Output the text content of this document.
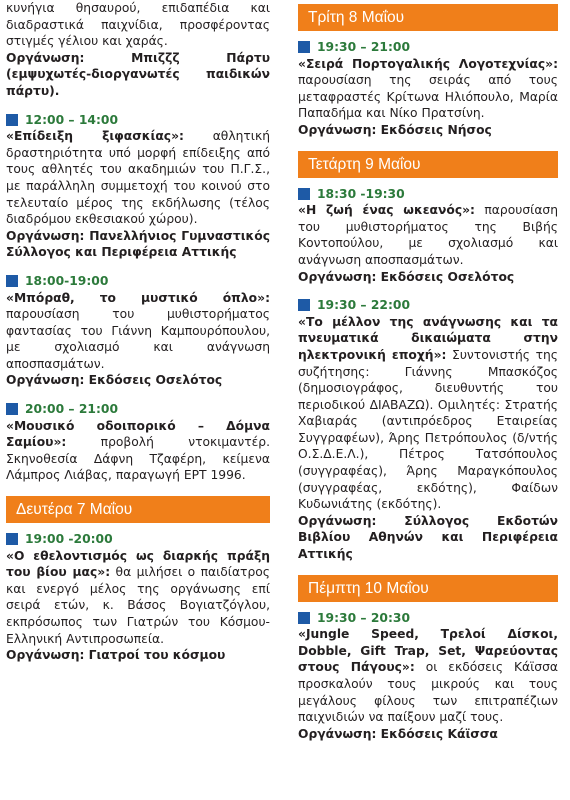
κυνήγια θησαυρού, επιδαπέδια και διαδραστικά παιχνίδια, προσφέροντας στιγμές γέλιου και χαράς.

Οργάνωση: Μπιζζζ Πάρτυ (εμψυχωτές-διοργανωτές παιδικών πάρτυ).

12:00 – 14:00

«Επίδειξη ξιφασκίας»: αθλητική δραστηριότητα υπό μορφή επίδειξης από τους αθλητές του ακαδημιών του Π.Γ.Σ., με παράλληλη συμμετοχή του κοινού στο τελευταίο μέρος της εκδήλωσης (τέλος διαδρόμου εκθεσιακού χώρου).

Οργάνωση: Πανελλήνιος Γυμναστικός Σύλλογος και Περιφέρεια Αττικής

18:00-19:00

«Μπόραθ, το μυστικό όπλο»: παρουσίαση του μυθιστορήματος φαντασίας του Γιάννη Καμπουρόπουλου, με σχολιασμό και ανάγνωση αποσπασμάτων.

Οργάνωση: Εκδόσεις Οσελότος

20:00 – 21:00

«Μουσικό οδοιπορικό – Δόμνα Σαμίου»: προβολή ντοκιμαντέρ. Σκηνοθεσία Δάφνη Τζαφέρη, κείμενα Λάμπρος Λιάβας, παραγωγή ΕΡΤ 1996.

Δευτέρα 7 Μαΐου
19:00 -20:00

«Ο εθελοντισμός ως διαρκής πράξη του βίου μας»: θα μιλήσει ο παιδίατρος και ενεργό μέλος της οργάνωσης επί σειρά ετών, κ. Βάσος Βογιατζόγλου, εκπρόσωπος των Γιατρών του Κόσμου-Ελληνική Αντιπροσωπεία.

Οργάνωση: Γιατροί του κόσμου

Τρίτη 8 Μαΐου
19:30 – 21:00

«Σειρά Πορτογαλικής Λογοτεχνίας»: παρουσίαση της σειράς από τους μεταφραστές Κρίτωνα Ηλιόπουλο, Μαρία Παπαδήμα και Νίκο Πρατσίνη.

Οργάνωση: Εκδόσεις Νήσος

Τετάρτη 9 Μαΐου
18:30 -19:30

«Η ζωή ένας ωκεανός»: παρουσίαση του μυθιστορήματος της Βιβής Κοντοπούλου, με σχολιασμό και ανάγνωση αποσπασμάτων.

Οργάνωση: Εκδόσεις Οσελότος

19:30 – 22:00

«Το μέλλον της ανάγνωσης και τα πνευματικά δικαιώματα στην ηλεκτρονική εποχή»: Συντονιστής της συζήτησης: Γιάννης Μπασκόζος (δημοσιογράφος, διευθυντής του περιοδικού ΔΙΑΒΑΖΩ). Ομιλητές: Στρατής Χαβιαράς (αντιπρόεδρος Εταιρείας Συγγραφέων), Άρης Πετρόπουλος (δ/ντής Ο.Σ.Δ.Ε.Λ.), Πέτρος Τατσόπουλος (συγγραφέας), Άρης Μαραγκόπουλος (συγγραφέας, εκδότης), Φαίδων Κυδωνιάτης (εκδότης).

Οργάνωση: Σύλλογος Εκδοτών Βιβλίου Αθηνών και Περιφέρεια Αττικής

Πέμπτη 10 Μαΐου
19:30 – 20:30

«Jungle Speed, Τρελοί Δίσκοι, Dobble, Gift Trap, Set, Ψαρεύοντας στους Πάγους»: οι εκδόσεις Κάϊσσα προσκαλούν τους μικρούς και τους μεγάλους φίλους των επιτραπέζιων παιχνιδιών να παίξουν μαζί τους.

Οργάνωση: Εκδόσεις Κάϊσσα
